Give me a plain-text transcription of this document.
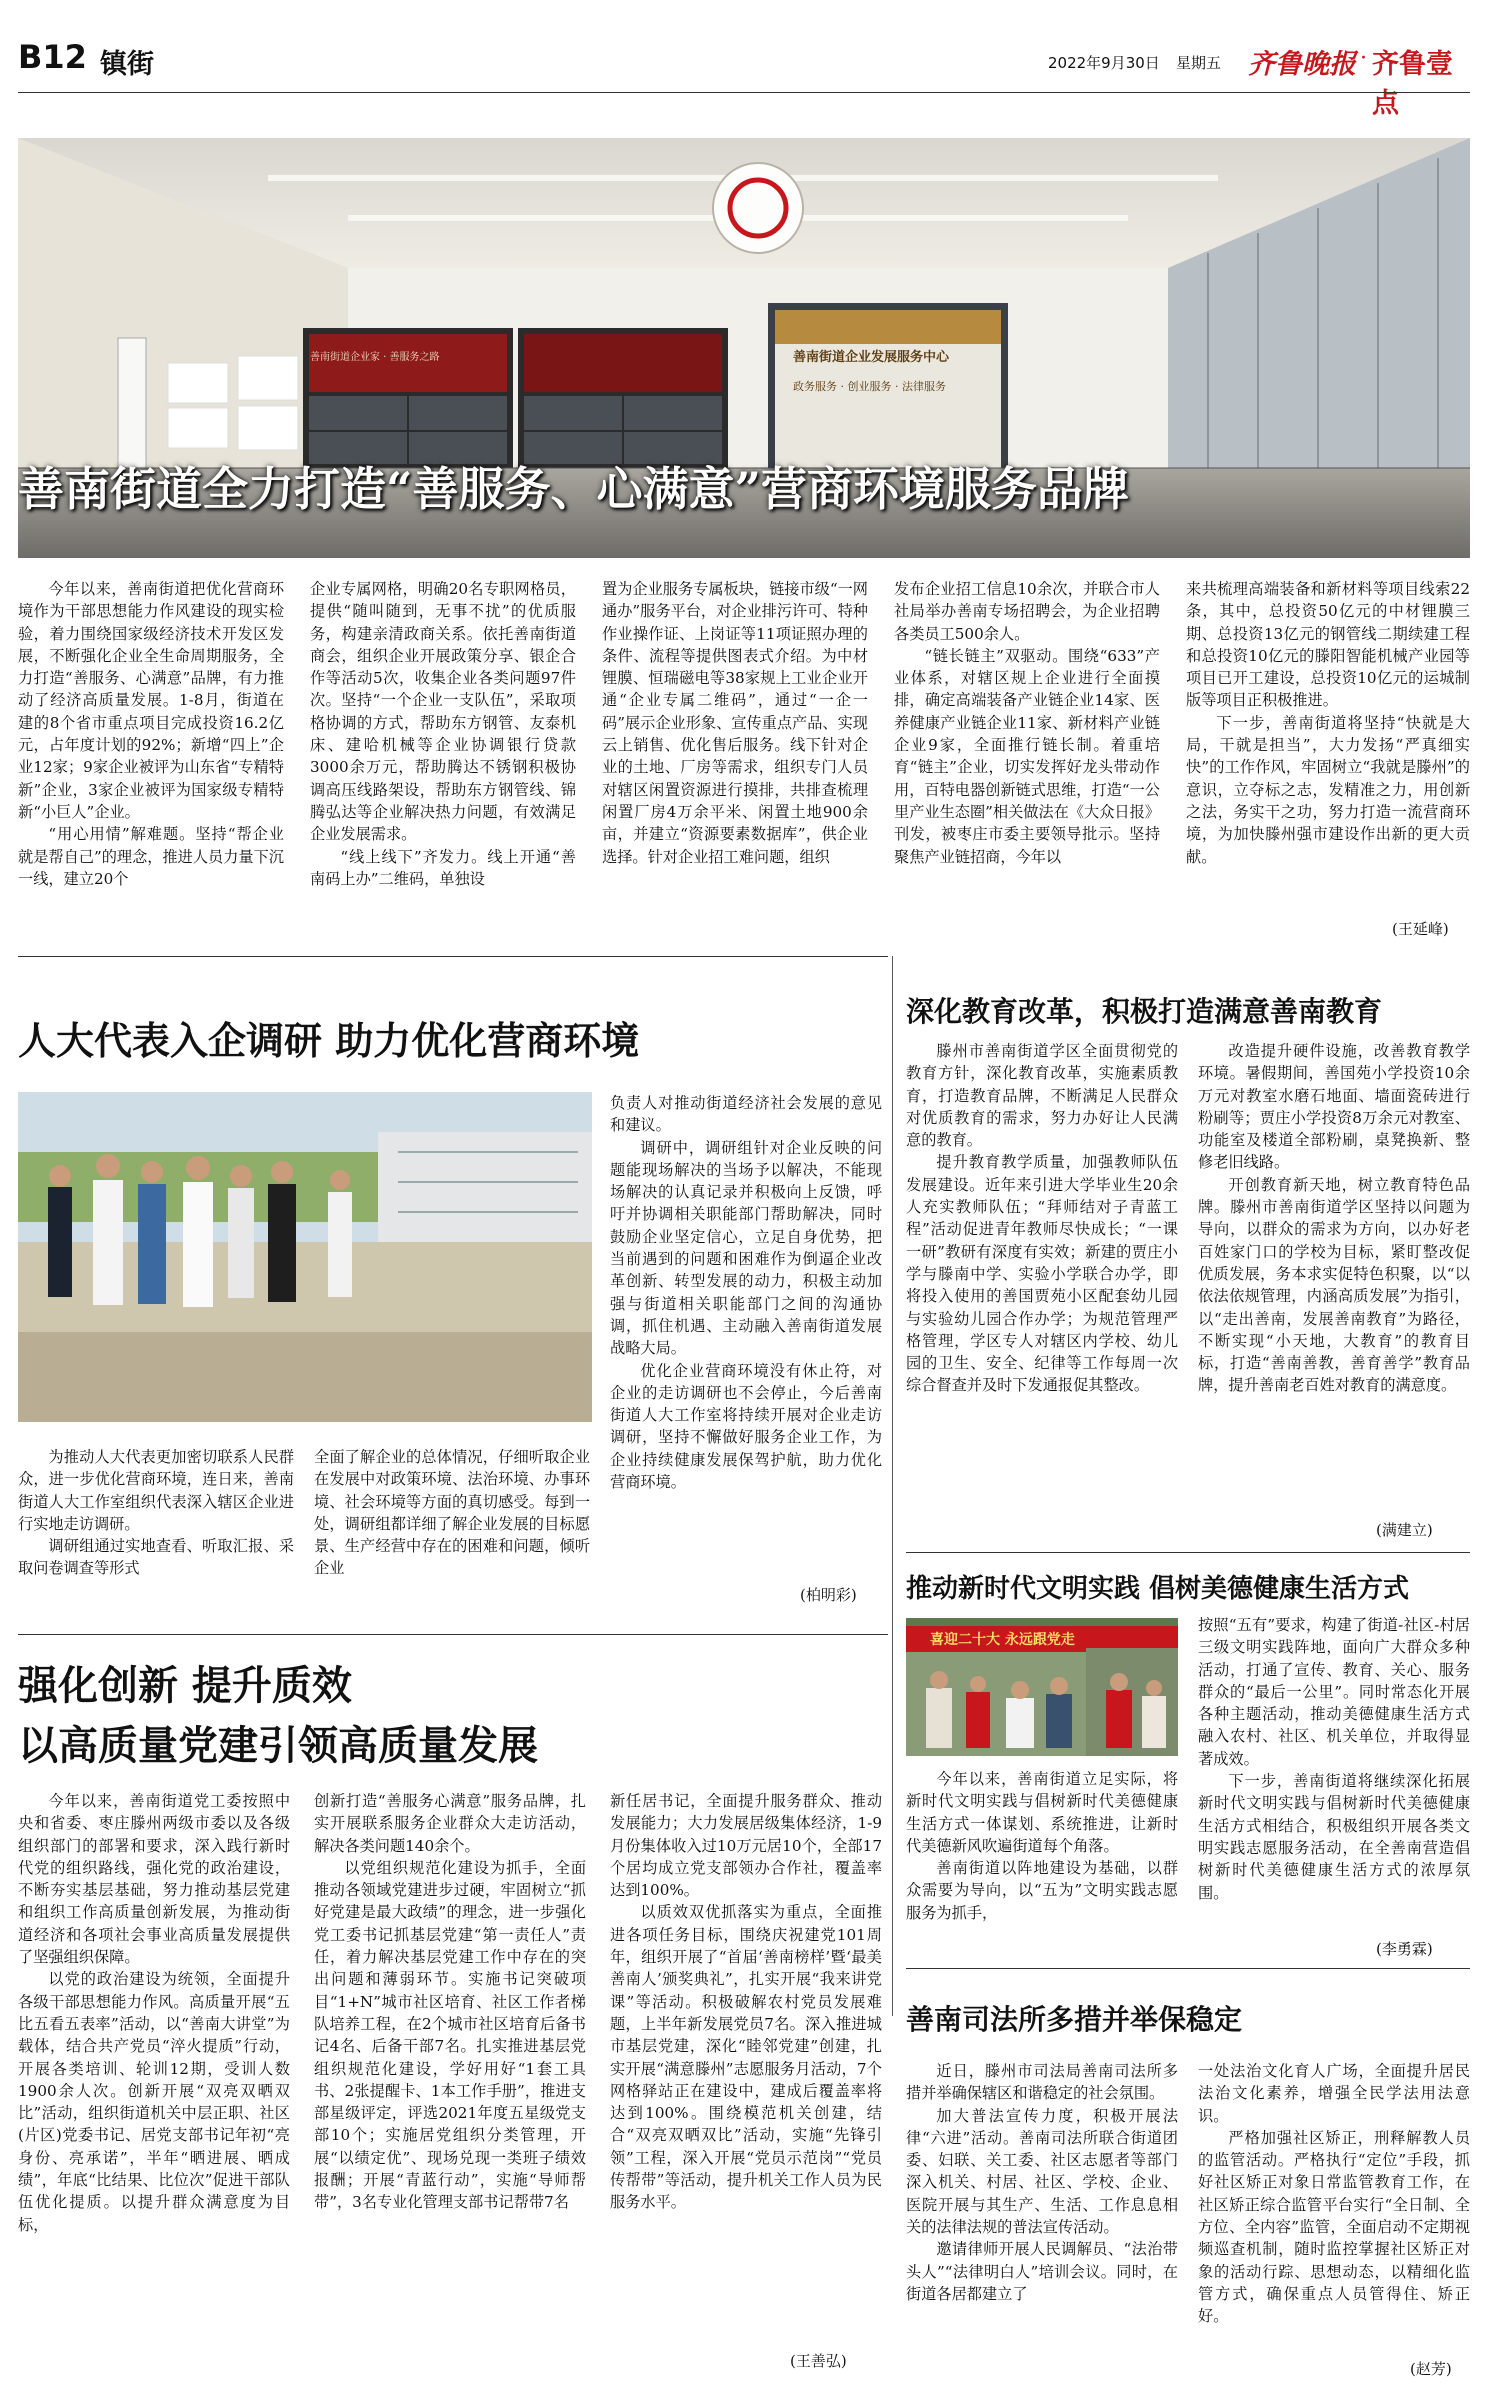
B12 镇街	2022年9月30日 星期五 齐鲁晚报 · 齐鲁壹点
善南街道企业家 · 善服务之路	善南街道企业发展服务中心
政务服务 · 创业服务 · 法律服务
善南街道全力打造“善服务、心满意”营商环境服务品牌

今年以来，善南街道把优化营商环境作为干部思想能力作风建设的现实检验，着力围绕国家级经济技术开发区发展，不断强化企业全生命周期服务，全力打造“善服务、心满意”品牌，有力推动了经济高质量发展。1-8月，街道在建的8个省市重点项目完成投资16.2亿元，占年度计划的92%；新增“四上”企业12家；9家企业被评为山东省“专精特新”企业，3家企业被评为国家级专精特新“小巨人”企业。

“用心用情”解难题。坚持“帮企业就是帮自己”的理念，推进人员力量下沉一线，建立20个

企业专属网格，明确20名专职网格员，提供“随叫随到，无事不扰”的优质服务，构建亲清政商关系。依托善南街道商会，组织企业开展政策分享、银企合作等活动5次，收集企业各类问题97件次。坚持“一个企业一支队伍”，采取项格协调的方式，帮助东方钢管、友泰机床、建哈机械等企业协调银行贷款3000余万元，帮助腾达不锈钢积极协调高压线路架设，帮助东方钢管线、锦腾弘达等企业解决热力问题，有效满足企业发展需求。

“线上线下”齐发力。线上开通“善南码上办”二维码，单独设

置为企业服务专属板块，链接市级“一网通办”服务平台，对企业排污许可、特种作业操作证、上岗证等11项证照办理的条件、流程等提供图表式介绍。为中材锂膜、恒瑞磁电等38家规上工业企业开通“企业专属二维码”，通过“一企一码”展示企业形象、宣传重点产品、实现云上销售、优化售后服务。线下针对企业的土地、厂房等需求，组织专门人员对辖区闲置资源进行摸排，共排查梳理闲置厂房4万余平米、闲置土地900余亩，并建立“资源要素数据库”，供企业选择。针对企业招工难问题，组织

发布企业招工信息10余次，并联合市人社局举办善南专场招聘会，为企业招聘各类员工500余人。

“链长链主”双驱动。围绕“633”产业体系，对辖区规上企业进行全面摸排，确定高端装备产业链企业14家、医养健康产业链企业11家、新材料产业链企业9家，全面推行链长制。着重培育“链主”企业，切实发挥好龙头带动作用，百特电器创新链式思维，打造“一公里产业生态圈”相关做法在《大众日报》刊发，被枣庄市委主要领导批示。坚持聚焦产业链招商，今年以

来共梳理高端装备和新材料等项目线索22条，其中，总投资50亿元的中材锂膜三期、总投资13亿元的钢管线二期续建工程和总投资10亿元的滕阳智能机械产业园等项目已开工建设，总投资10亿元的运城制版等项目正积极推进。

下一步，善南街道将坚持“快就是大局，干就是担当”，大力发扬“严真细实快”的工作作风，牢固树立“我就是滕州”的意识，立夺标之志，发精准之力，用创新之法，务实干之功，努力打造一流营商环境，为加快滕州强市建设作出新的更大贡献。

(王延峰)
人大代表入企调研 助力优化营商环境

为推动人大代表更加密切联系人民群众，进一步优化营商环境，连日来，善南街道人大工作室组织代表深入辖区企业进行实地走访调研。

调研组通过实地查看、听取汇报、采取问卷调查等形式

全面了解企业的总体情况，仔细听取企业在发展中对政策环境、法治环境、办事环境、社会环境等方面的真切感受。每到一处，调研组都详细了解企业发展的目标愿景、生产经营中存在的困难和问题，倾听企业

负责人对推动街道经济社会发展的意见和建议。

调研中，调研组针对企业反映的问题能现场解决的当场予以解决，不能现场解决的认真记录并积极向上反馈，呼吁并协调相关职能部门帮助解决，同时鼓励企业坚定信心，立足自身优势，把当前遇到的问题和困难作为倒逼企业改革创新、转型发展的动力，积极主动加强与街道相关职能部门之间的沟通协调，抓住机遇、主动融入善南街道发展战略大局。

优化企业营商环境没有休止符，对企业的走访调研也不会停止，今后善南街道人大工作室将持续开展对企业走访调研，坚持不懈做好服务企业工作，为企业持续健康发展保驾护航，助力优化营商环境。

(柏明彩)
强化创新 提升质效
以高质量党建引领高质量发展

今年以来，善南街道党工委按照中央和省委、枣庄滕州两级市委以及各级组织部门的部署和要求，深入践行新时代党的组织路线，强化党的政治建设，不断夯实基层基础，努力推动基层党建和组织工作高质量创新发展，为推动街道经济和各项社会事业高质量发展提供了坚强组织保障。

以党的政治建设为统领，全面提升各级干部思想能力作风。高质量开展“五比五看五表率”活动，以“善南大讲堂”为载体，结合共产党员“淬火提质”行动，开展各类培训、轮训12期，受训人数1900余人次。创新开展“双亮双晒双比”活动，组织街道机关中层正职、社区(片区)党委书记、居党支部书记年初“亮身份、亮承诺”，半年“晒进展、晒成绩”，年底“比结果、比位次”促进干部队伍优化提质。以提升群众满意度为目标，

创新打造“善服务心满意”服务品牌，扎实开展联系服务企业群众大走访活动，解决各类问题140余个。

以党组织规范化建设为抓手，全面推动各领域党建进步过硬，牢固树立“抓好党建是最大政绩”的理念，进一步强化党工委书记抓基层党建“第一责任人”责任，着力解决基层党建工作中存在的突出问题和薄弱环节。实施书记突破项目“1+N”城市社区培育、社区工作者梯队培养工程，在2个城市社区培育后备书记4名、后备干部7名。扎实推进基层党组织规范化建设，学好用好“1套工具书、2张提醒卡、1本工作手册”，推进支部星级评定，评选2021年度五星级党支部10个；实施居党组织分类管理，开展“以绩定优”、现场兑现一类班子绩效报酬；开展“青蓝行动”，实施“导师帮带”，3名专业化管理支部书记帮带7名

新任居书记，全面提升服务群众、推动发展能力；大力发展居级集体经济，1-9月份集体收入过10万元居10个，全部17个居均成立党支部领办合作社，覆盖率达到100%。

以质效双优抓落实为重点，全面推进各项任务目标，围绕庆祝建党101周年，组织开展了“首届‘善南榜样’暨‘最美善南人’颁奖典礼”，扎实开展“我来讲党课”等活动。积极破解农村党员发展难题，上半年新发展党员7名。深入推进城市基层党建，深化“睦邻党建”创建，扎实开展“满意滕州”志愿服务月活动，7个网格驿站正在建设中，建成后覆盖率将达到100%。围绕模范机关创建，结合“双亮双晒双比”活动，实施“先锋引领”工程，深入开展“党员示范岗”“党员传帮带”等活动，提升机关工作人员为民服务水平。

(王善弘)
深化教育改革，积极打造满意善南教育

滕州市善南街道学区全面贯彻党的教育方针，深化教育改革，实施素质教育，打造教育品牌，不断满足人民群众对优质教育的需求，努力办好让人民满意的教育。

提升教育教学质量，加强教师队伍发展建设。近年来引进大学毕业生20余人充实教师队伍；“拜师结对子青蓝工程”活动促进青年教师尽快成长；“一课一研”教研有深度有实效；新建的贾庄小学与滕南中学、实验小学联合办学，即将投入使用的善国贾苑小区配套幼儿园与实验幼儿园合作办学；为规范管理严格管理，学区专人对辖区内学校、幼儿园的卫生、安全、纪律等工作每周一次综合督查并及时下发通报促其整改。

改造提升硬件设施，改善教育教学环境。暑假期间，善国苑小学投资10余万元对教室水磨石地面、墙面瓷砖进行粉刷等；贾庄小学投资8万余元对教室、功能室及楼道全部粉刷，桌凳换新、整修老旧线路。

开创教育新天地，树立教育特色品牌。滕州市善南街道学区坚持以问题为导向，以群众的需求为方向，以办好老百姓家门口的学校为目标，紧盯整改促优质发展，务本求实促特色积聚，以“以依法依规管理，内涵高质发展”为指引，以“走出善南，发展善南教育”为路径，不断实现“小天地，大教育”的教育目标，打造“善南善教，善育善学”教育品牌，提升善南老百姓对教育的满意度。

(满建立)
推动新时代文明实践 倡树美德健康生活方式
喜迎二十大 永远跟党走

今年以来，善南街道立足实际，将新时代文明实践与倡树新时代美德健康生活方式一体谋划、系统推进，让新时代美德新风吹遍街道每个角落。

善南街道以阵地建设为基础，以群众需要为导向，以“五为”文明实践志愿服务为抓手，

按照“五有”要求，构建了街道-社区-村居三级文明实践阵地，面向广大群众多种活动，打通了宣传、教育、关心、服务群众的“最后一公里”。同时常态化开展各种主题活动，推动美德健康生活方式融入农村、社区、机关单位，并取得显著成效。

下一步，善南街道将继续深化拓展新时代文明实践与倡树新时代美德健康生活方式相结合，积极组织开展各类文明实践志愿服务活动，在全善南营造倡树新时代美德健康生活方式的浓厚氛围。

(李勇霖)
善南司法所多措并举保稳定

近日，滕州市司法局善南司法所多措并举确保辖区和谐稳定的社会氛围。

加大普法宣传力度，积极开展法律“六进”活动。善南司法所联合街道团委、妇联、关工委、社区志愿者等部门深入机关、村居、社区、学校、企业、医院开展与其生产、生活、工作息息相关的法律法规的普法宣传活动。

邀请律师开展人民调解员、“法治带头人”“法律明白人”培训会议。同时，在街道各居都建立了

一处法治文化育人广场，全面提升居民法治文化素养，增强全民学法用法意识。

严格加强社区矫正，刑释解教人员的监管活动。严格执行“定位”手段，抓好社区矫正对象日常监管教育工作，在社区矫正综合监管平台实行“全日制、全方位、全内容”监管，全面启动不定期视频巡查机制，随时监控掌握社区矫正对象的活动行踪、思想动态，以精细化监管方式，确保重点人员管得住、矫正好。

(赵芳)
